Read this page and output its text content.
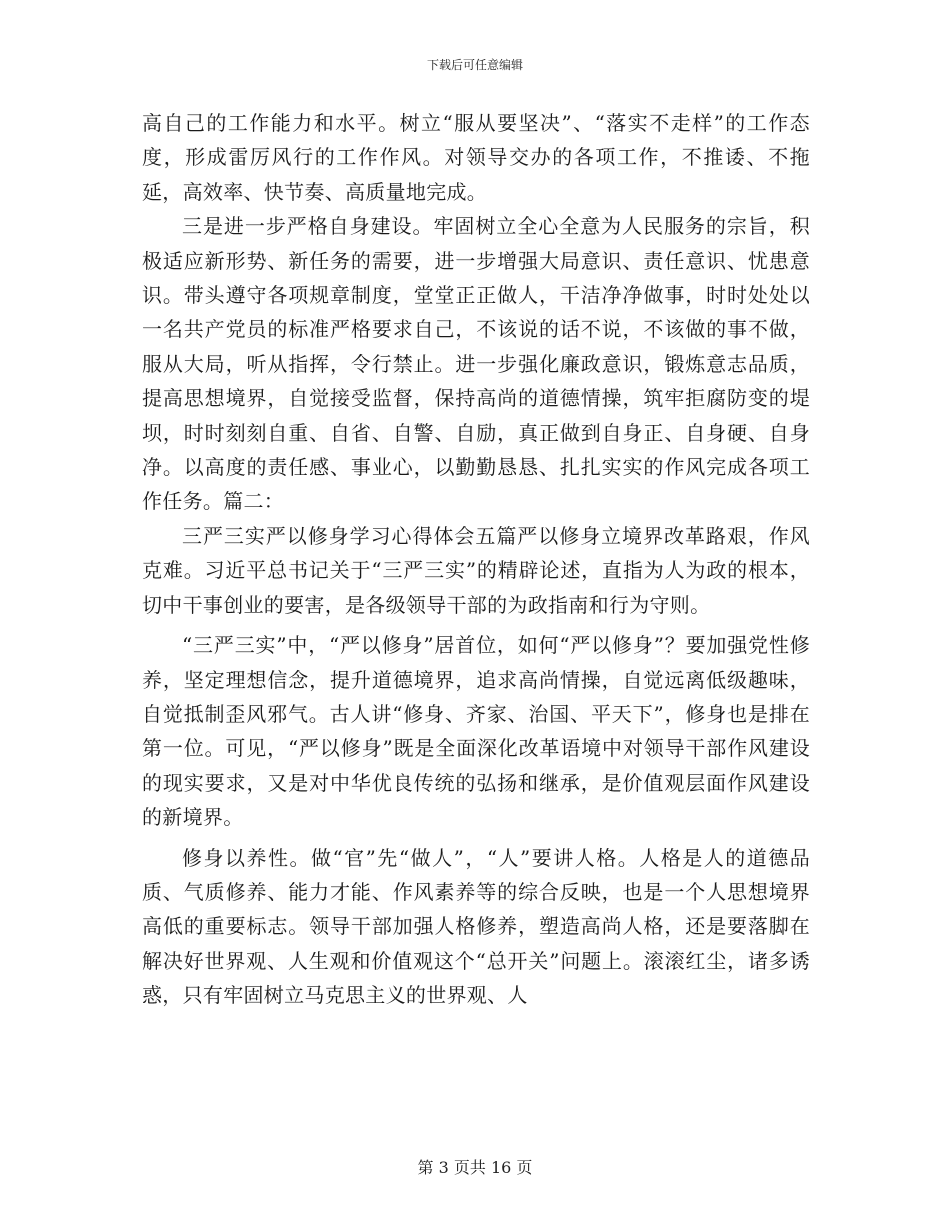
下载后可任意编辑

高自己的工作能力和水平。树立“服从要坚决”、“落实不走样”的工作态度，形成雷厉风行的工作作风。对领导交办的各项工作，不推诿、不拖延，高效率、快节奏、高质量地完成。

三是进一步严格自身建设。牢固树立全心全意为人民服务的宗旨，积极适应新形势、新任务的需要，进一步增强大局意识、责任意识、忧患意识。带头遵守各项规章制度，堂堂正正做人，干洁净净做事，时时处处以一名共产党员的标准严格要求自己，不该说的话不说，不该做的事不做，服从大局，听从指挥，令行禁止。进一步强化廉政意识，锻炼意志品质，提高思想境界，自觉接受监督，保持高尚的道德情操，筑牢拒腐防变的堤坝，时时刻刻自重、自省、自警、自励，真正做到自身正、自身硬、自身净。以高度的责任感、事业心，以勤勤恳恳、扎扎实实的作风完成各项工作任务。篇二：

三严三实严以修身学习心得体会五篇严以修身立境界改革路艰，作风克难。习近平总书记关于“三严三实”的精辟论述，直指为人为政的根本，切中干事创业的要害，是各级领导干部的为政指南和行为守则。

“三严三实”中，“严以修身”居首位，如何“严以修身”？要加强党性修养，坚定理想信念，提升道德境界，追求高尚情操，自觉远离低级趣味，自觉抵制歪风邪气。古人讲“修身、齐家、治国、平天下”，修身也是排在第一位。可见，“严以修身”既是全面深化改革语境中对领导干部作风建设的现实要求，又是对中华优良传统的弘扬和继承，是价值观层面作风建设的新境界。

修身以养性。做“官”先“做人”，“人”要讲人格。人格是人的道德品质、气质修养、能力才能、作风素养等的综合反映，也是一个人思想境界高低的重要标志。领导干部加强人格修养，塑造高尚人格，还是要落脚在解决好世界观、人生观和价值观这个“总开关”问题上。滚滚红尘，诸多诱惑，只有牢固树立马克思主义的世界观、人

第 3 页共 16 页
